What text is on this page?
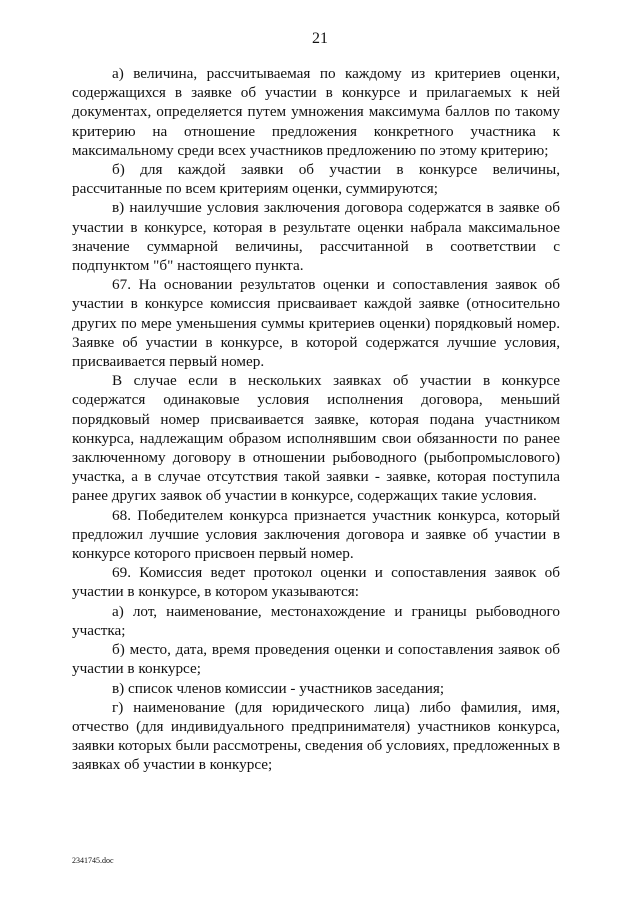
21

а) величина, рассчитываемая по каждому из критериев оценки, содержащихся в заявке об участии в конкурсе и прилагаемых к ней документах, определяется путем умножения максимума баллов по такому критерию на отношение предложения конкретного участника к максимальному среди всех участников предложению по этому критерию;

б) для каждой заявки об участии в конкурсе величины, рассчитанные по всем критериям оценки, суммируются;

в) наилучшие условия заключения договора содержатся в заявке об участии в конкурсе, которая в результате оценки набрала максимальное значение суммарной величины, рассчитанной в соответствии с подпунктом "б" настоящего пункта.

67. На основании результатов оценки и сопоставления заявок об участии в конкурсе комиссия присваивает каждой заявке (относительно других по мере уменьшения суммы критериев оценки) порядковый номер. Заявке об участии в конкурсе, в которой содержатся лучшие условия, присваивается первый номер.

В случае если в нескольких заявках об участии в конкурсе содержатся одинаковые условия исполнения договора, меньший порядковый номер присваивается заявке, которая подана участником конкурса, надлежащим образом исполнявшим свои обязанности по ранее заключенному договору в отношении рыбоводного (рыбопромыслового) участка, а в случае отсутствия такой заявки - заявке, которая поступила ранее других заявок об участии в конкурсе, содержащих такие условия.

68. Победителем конкурса признается участник конкурса, который предложил лучшие условия заключения договора и заявке об участии в конкурсе которого присвоен первый номер.

69. Комиссия ведет протокол оценки и сопоставления заявок об участии в конкурсе, в котором указываются:

а) лот, наименование, местонахождение и границы рыбоводного участка;

б) место, дата, время проведения оценки и сопоставления заявок об участии в конкурсе;

в) список членов комиссии - участников заседания;

г) наименование (для юридического лица) либо фамилия, имя, отчество (для индивидуального предпринимателя) участников конкурса, заявки которых были рассмотрены, сведения об условиях, предложенных в заявках об участии в конкурсе;

2341745.doc
